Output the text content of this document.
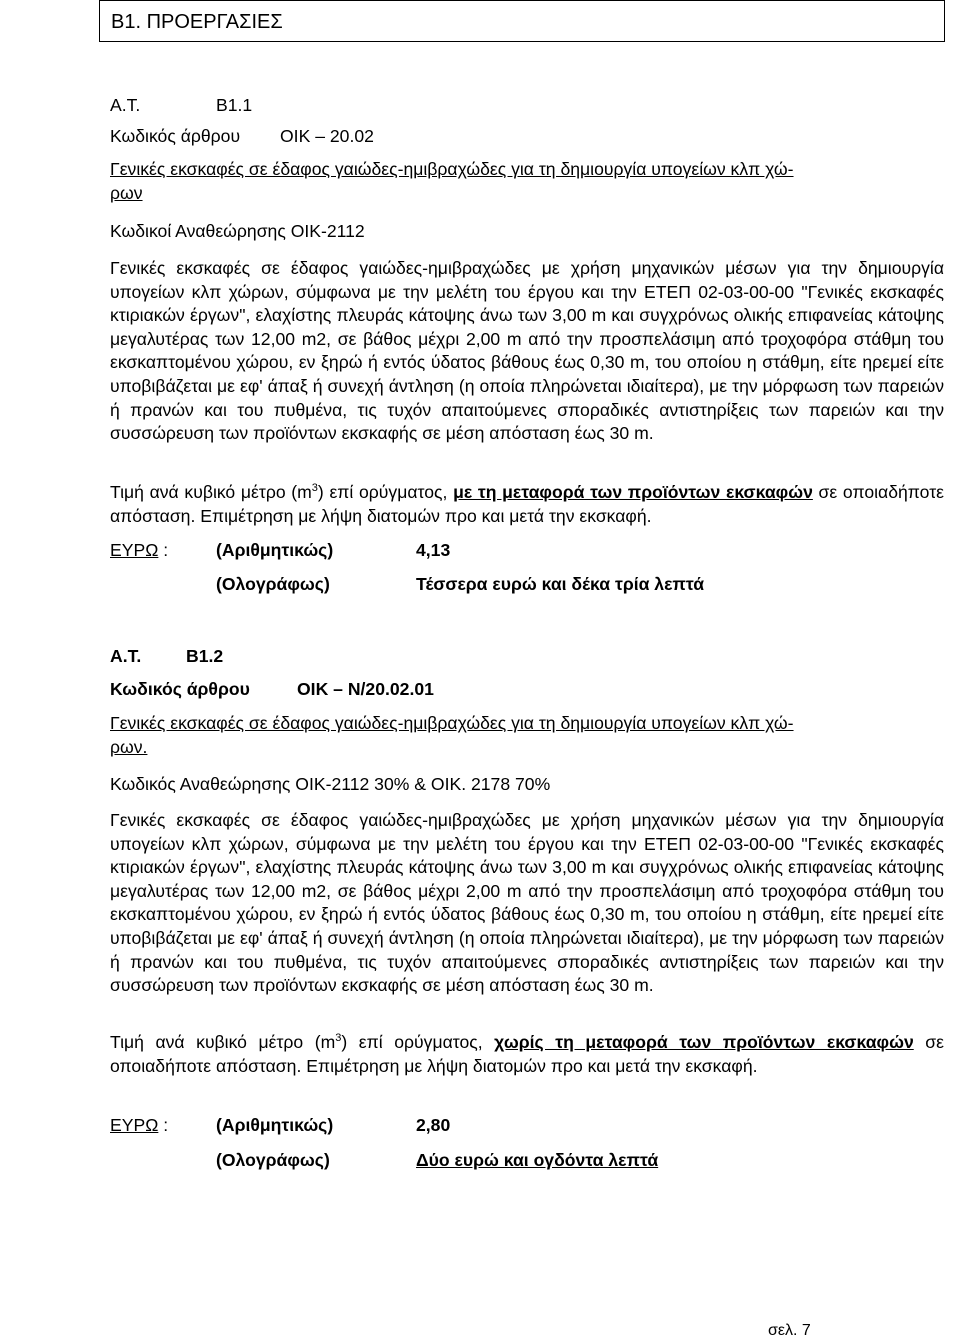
Β1. ΠΡΟΕΡΓΑΣΙΕΣ
Α.Τ.	Β1.1
Κωδικός άρθρου ΟΙΚ – 20.02
Γενικές εκσκαφές σε έδαφος γαιώδες-ημιβραχώδες για τη δημιουργία υπογείων κλπ χώ-
ρων
Κωδικοί Αναθεώρησης ΟΙΚ-2112
Γενικές εκσκαφές σε έδαφος γαιώδες-ημιβραχώδες με χρήση μηχανικών μέσων για την δημιουργία υπογείων κλπ χώρων, σύμφωνα με την μελέτη του έργου και την ΕΤΕΠ 02-03-00-00 "Γενικές εκσκαφές κτιριακών έργων", ελαχίστης πλευράς κάτοψης άνω των 3,00 m και συγχρόνως ολικής επιφανείας κάτοψης μεγαλυτέρας των 12,00 m2, σε βάθος μέχρι 2,00 m από την προσπελάσιμη από τροχοφόρα στάθμη του εκσκαπτομένου χώρου, εν ξηρώ ή εντός ύδατος βάθους έως 0,30 m, του οποίου η στάθμη, είτε ηρεμεί είτε υποβιβάζεται με εφ' άπαξ ή συνεχή άντληση (η οποία πληρώνεται ιδιαίτερα), με την μόρφωση των παρειών ή πρανών και του πυθμένα, τις τυχόν απαιτούμενες σποραδικές αντιστηρίξεις των παρειών και την συσσώρευση των προϊόντων εκσκαφής σε μέση απόσταση έως 30 m.
Τιμή ανά κυβικό μέτρο $(m^3)$ επί ορύγματος, με τη μεταφορά των προϊόντων εκσκαφών σε οποιαδήποτε απόσταση. Επιμέτρηση με λήψη διατομών προ και μετά την εκσκαφή.
ΕΥΡΩ :	(Αριθμητικώς)	4,13
(Ολογράφως)	Τέσσερα ευρώ και δέκα τρία λεπτά
Α.Τ.	Β1.2
Κωδικός άρθρου	ΟΙΚ – Ν/20.02.01
Γενικές εκσκαφές σε έδαφος γαιώδες-ημιβραχώδες για τη δημιουργία υπογείων κλπ χώ-
ρων.
Κωδικός Αναθεώρησης ΟΙΚ-2112 30% & ΟΙΚ. 2178 70%
Γενικές εκσκαφές σε έδαφος γαιώδες-ημιβραχώδες με χρήση μηχανικών μέσων για την δημιουργία υπογείων κλπ χώρων, σύμφωνα με την μελέτη του έργου και την ΕΤΕΠ 02-03-00-00 "Γενικές εκσκαφές κτιριακών έργων", ελαχίστης πλευράς κάτοψης άνω των 3,00 m και συγχρόνως ολικής επιφανείας κάτοψης μεγαλυτέρας των 12,00 m2, σε βάθος μέχρι 2,00 m από την προσπελάσιμη από τροχοφόρα στάθμη του εκσκαπτομένου χώρου, εν ξηρώ ή εντός ύδατος βάθους έως 0,30 m, του οποίου η στάθμη, είτε ηρεμεί είτε υποβιβάζεται με εφ' άπαξ ή συνεχή άντληση (η οποία πληρώνεται ιδιαίτερα), με την μόρφωση των παρειών ή πρανών και του πυθμένα, τις τυχόν απαιτούμενες σποραδικές αντιστηρίξεις των παρειών και την συσσώρευση των προϊόντων εκσκαφής σε μέση απόσταση έως 30 m.
Τιμή ανά κυβικό μέτρο $(m^3)$ επί ορύγματος, χωρίς τη μεταφορά των προϊόντων εκσκαφών σε οποιαδήποτε απόσταση. Επιμέτρηση με λήψη διατομών προ και μετά την εκσκαφή.
ΕΥΡΩ :	(Αριθμητικώς)	2,80
(Ολογράφως)	Δύο ευρώ και ογδόντα λεπτά
σελ. 7
